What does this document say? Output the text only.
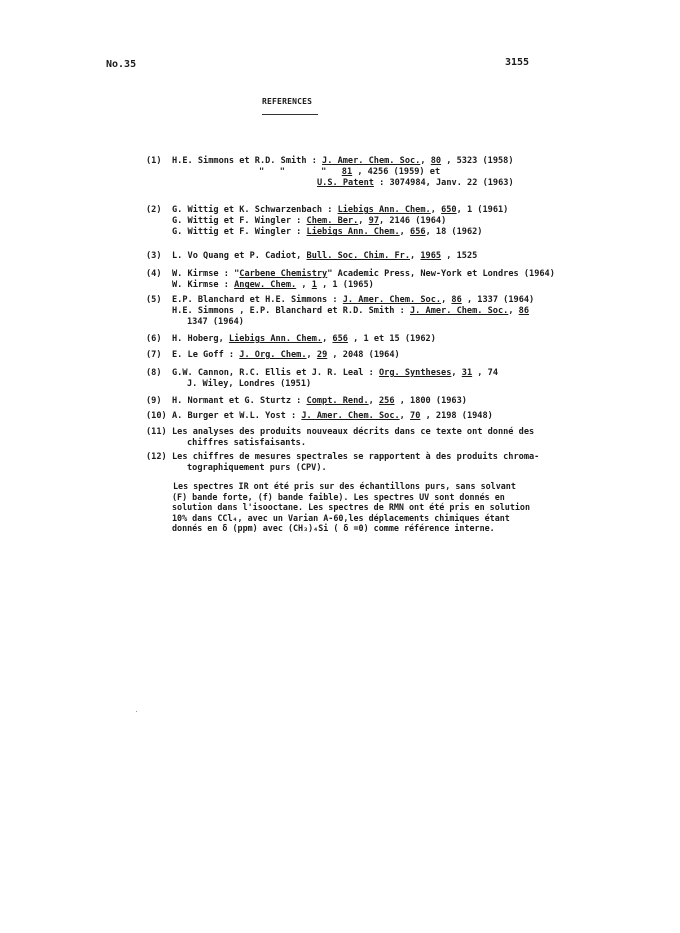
No.35	3155
REFERENCES
(1) H.E. Simmons et R.D. Smith : J. Amer. Chem. Soc., 80 , 5323 (1958)
"   "       "   81 , 4256 (1959) et
U.S. Patent : 3074984, Janv. 22 (1963)
(2) G. Wittig et K. Schwarzenbach : Liebigs Ann. Chem., 650, 1 (1961)
G. Wittig et F. Wingler : Chem. Ber., 97, 2146 (1964)
G. Wittig et F. Wingler : Liebigs Ann. Chem., 656, 18 (1962)
(3) L. Vo Quang et P. Cadiot, Bull. Soc. Chim. Fr., 1965 , 1525
(4) W. Kirmse : "Carbene Chemistry" Academic Press, New-York et Londres (1964)
W. Kirmse : Angew. Chem. , 1 , 1 (1965)
(5) E.P. Blanchard et H.E. Simmons : J. Amer. Chem. Soc., 86 , 1337 (1964)
H.E. Simmons , E.P. Blanchard et R.D. Smith : J. Amer. Chem. Soc., 86
1347 (1964)
(6) H. Hoberg, Liebigs Ann. Chem., 656 , 1 et 15 (1962)
(7) E. Le Goff : J. Org. Chem., 29 , 2048 (1964)
(8) G.W. Cannon, R.C. Ellis et J. R. Leal : Org. Syntheses, 31 , 74
J. Wiley, Londres (1951)
(9) H. Normant et G. Sturtz : Compt. Rend., 256 , 1800 (1963)
(10) A. Burger et W.L. Yost : J. Amer. Chem. Soc., 70 , 2198 (1948)
(11) Les analyses des produits nouveaux décrits dans ce texte ont donné des
chiffres satisfaisants.
(12) Les chiffres de mesures spectrales se rapportent à des produits chroma-
tographiquement purs (CPV).
Les spectres IR ont été pris sur des échantillons purs, sans solvant
(F) bande forte, (f) bande faible). Les spectres UV sont donnés en
solution dans l'isooctane. Les spectres de RMN ont été pris en solution
10% dans CCl₄, avec un Varian A-60,les déplacements chimiques étant
donnés en δ (ppm) avec (CH₃)₄Si ( δ =0) comme référence interne.
